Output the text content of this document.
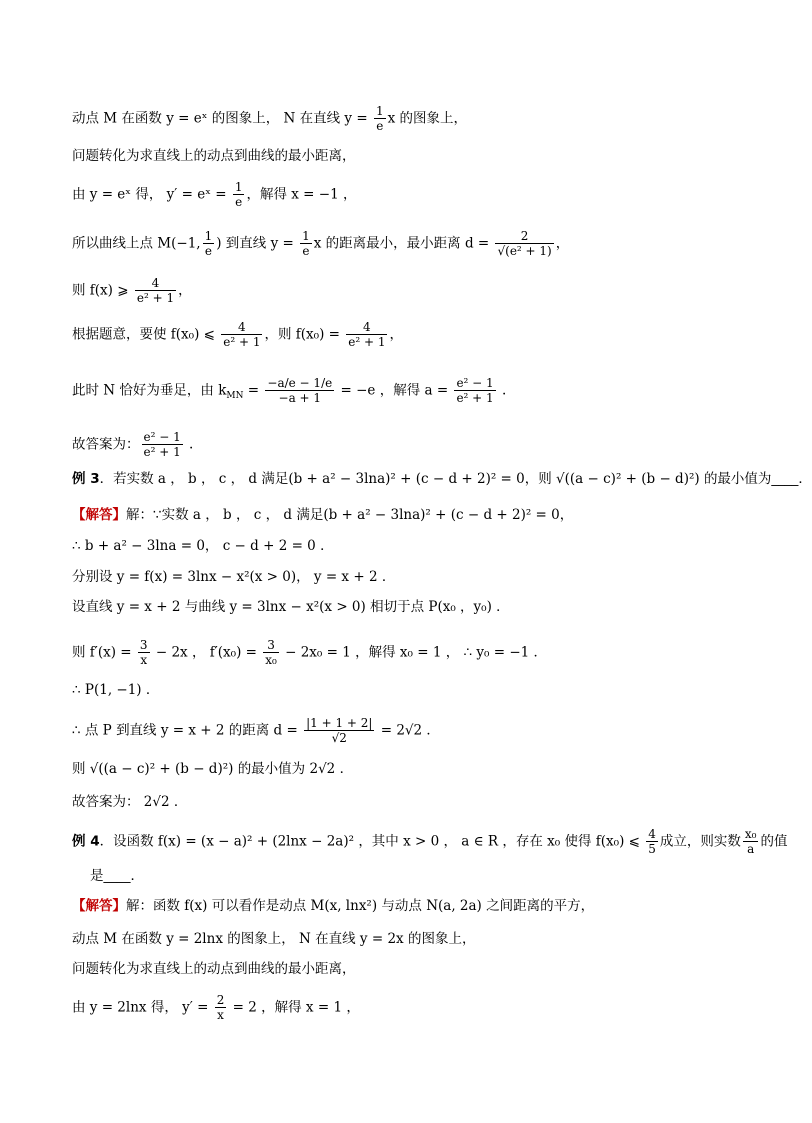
动点 M 在函数 y = eˣ 的图象上， N 在直线 $y = \frac{1}{e}$ x 的图象上，
问题转化为求直线上的动点到曲线的最小距离，
由 y = eˣ 得， y′ = eˣ = $\frac{1}{e}$ ，解得 x = −1 ，
所以曲线上点 M(−1, $\frac{1}{e}$ ) 到直线 $y = \frac{1}{e}$ x 的距离最小，最小距离 $d = \frac{2}{\text{√(e² + 1)}}$ ，
则 f(x) ⩾ $\frac{4}{\text{e² + 1}}$ ，
根据题意，要使 f(x₀) ⩽ $\frac{4}{\text{e² + 1}}$ ，则 $f(x_0) = \frac{4}{\text{e² + 1}}$ ，
此时 N 恰好为垂足，由 $k_{MN} = \frac{-a/e - 1/e}{-a + 1} = -e$ ，解得 $a = \frac{\text{e² − 1}}{\text{e² + 1}}$ .
故答案为： $\frac{\text{e² − 1}}{\text{e² + 1}}$ .
例 3．若实数 a ， b ， c ， d 满足(b + a² − 3lna)² + (c − d + 2)² = 0，则 √((a − c)² + (b − d)²) 的最小值为____．
【解答】解：∵实数 a ， b ， c ， d 满足(b + a² − 3lna)² + (c − d + 2)² = 0，
∴ b + a² − 3lna = 0， c − d + 2 = 0 ．
分别设 y = f(x) = 3lnx − x²(x > 0)， y = x + 2 ．
设直线 y = x + 2 与曲线 y = 3lnx − x²(x > 0) 相切于点 P(x₀ ，y₀) ．
则 $f'(x) = \frac{3}{x} - 2x$ ， $f'(x_0) = \frac{3}{\text{x₀}} - 2x_0 = 1$ ，解得 x₀ = 1 ， ∴ y₀ = −1 ．
∴ P(1, −1) ．
∴ 点 P 到直线 y = x + 2 的距离 $d = \frac{|1 + 1 + 2|}{√2} = 2√2$ ．
则 √((a − c)² + (b − d)²) 的最小值为 2√2 ．
故答案为： 2√2 ．
例 4．设函数 f(x) = (x − a)² + (2lnx − 2a)² ，其中 x > 0 ， a ∈ R ，存在 x₀ 使得 f(x₀) ⩽ $\frac{4}{5}$ 成立，则实数 $\frac{\text{x₀}}{a}$ 的值
是____．
【解答】解：函数 f(x) 可以看作是动点 M(x, lnx²) 与动点 N(a, 2a) 之间距离的平方，
动点 M 在函数 y = 2lnx 的图象上， N 在直线 y = 2x 的图象上，
问题转化为求直线上的动点到曲线的最小距离，
由 y = 2lnx 得， $y' = \frac{2}{x} = 2$ ，解得 x = 1 ，
